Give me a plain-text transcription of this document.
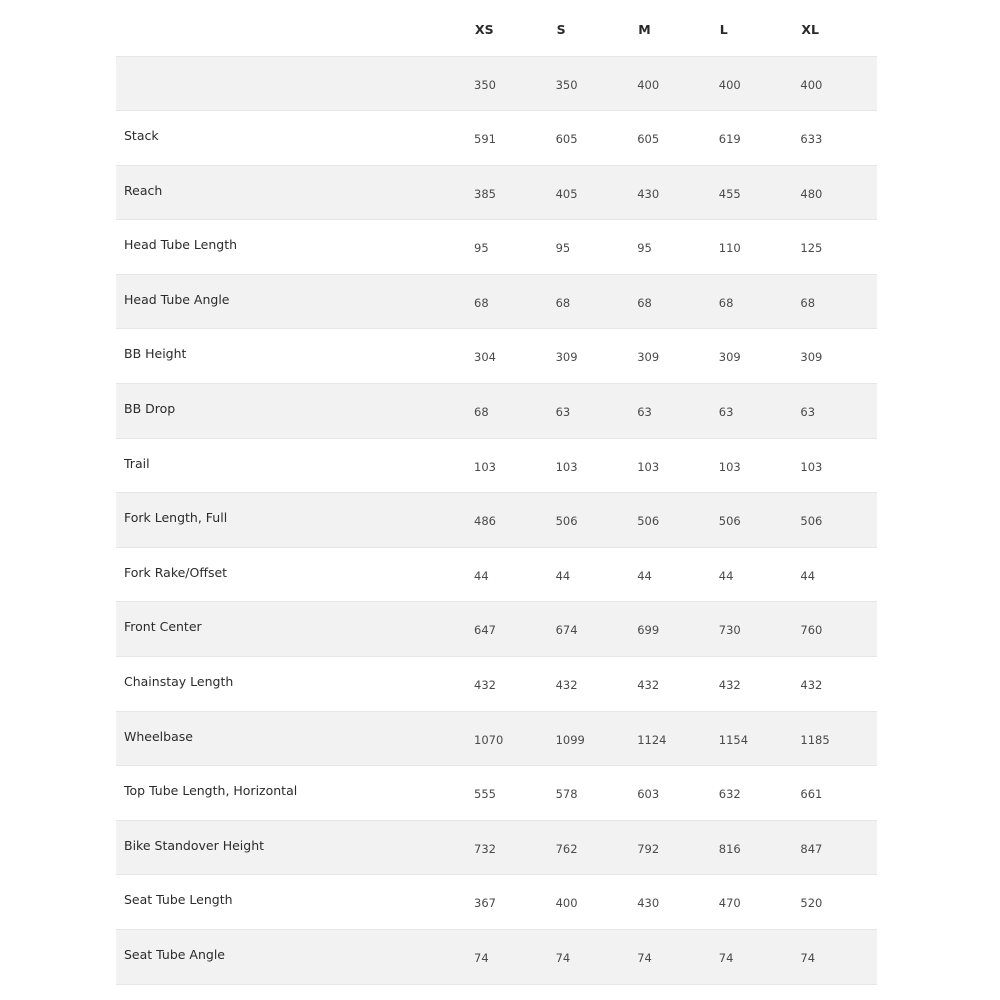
	XS	S	M	L	XL
	350	350	400	400	400
Stack	591	605	605	619	633
Reach	385	405	430	455	480
Head Tube Length	95	95	95	110	125
Head Tube Angle	68	68	68	68	68
BB Height	304	309	309	309	309
BB Drop	68	63	63	63	63
Trail	103	103	103	103	103
Fork Length, Full	486	506	506	506	506
Fork Rake/Offset	44	44	44	44	44
Front Center	647	674	699	730	760
Chainstay Length	432	432	432	432	432
Wheelbase	1070	1099	1124	1154	1185
Top Tube Length, Horizontal	555	578	603	632	661
Bike Standover Height	732	762	792	816	847
Seat Tube Length	367	400	430	470	520
Seat Tube Angle	74	74	74	74	74
